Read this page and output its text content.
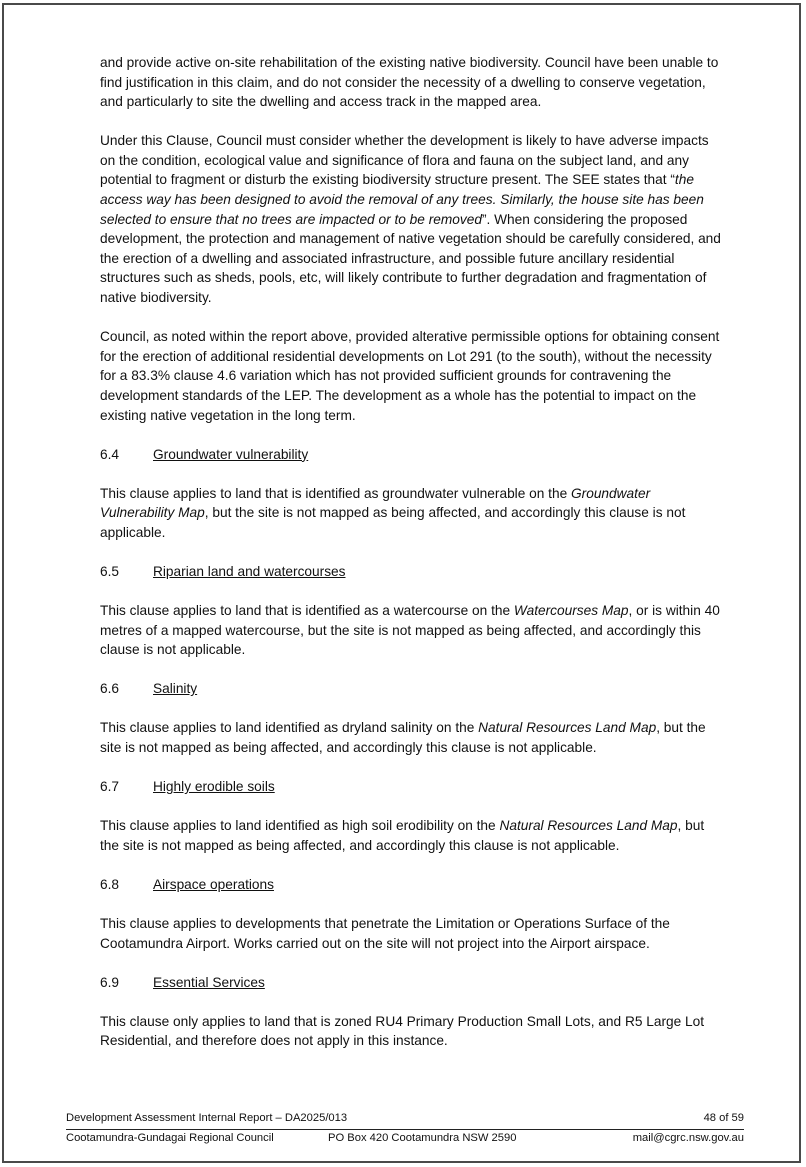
and provide active on-site rehabilitation of the existing native biodiversity. Council have been unable to find justification in this claim, and do not consider the necessity of a dwelling to conserve vegetation, and particularly to site the dwelling and access track in the mapped area.

Under this Clause, Council must consider whether the development is likely to have adverse impacts on the condition, ecological value and significance of flora and fauna on the subject land, and any potential to fragment or disturb the existing biodiversity structure present. The SEE states that “the access way has been designed to avoid the removal of any trees. Similarly, the house site has been selected to ensure that no trees are impacted or to be removed”. When considering the proposed development, the protection and management of native vegetation should be carefully considered, and the erection of a dwelling and associated infrastructure, and possible future ancillary residential structures such as sheds, pools, etc, will likely contribute to further degradation and fragmentation of native biodiversity.

Council, as noted within the report above, provided alterative permissible options for obtaining consent for the erection of additional residential developments on Lot 291 (to the south), without the necessity for a 83.3% clause 4.6 variation which has not provided sufficient grounds for contravening the development standards of the LEP. The development as a whole has the potential to impact on the existing native vegetation in the long term.

6.4	Groundwater vulnerability

This clause applies to land that is identified as groundwater vulnerable on the Groundwater Vulnerability Map, but the site is not mapped as being affected, and accordingly this clause is not applicable.

6.5	Riparian land and watercourses

This clause applies to land that is identified as a watercourse on the Watercourses Map, or is within 40 metres of a mapped watercourse, but the site is not mapped as being affected, and accordingly this clause is not applicable.

6.6	Salinity

This clause applies to land identified as dryland salinity on the Natural Resources Land Map, but the site is not mapped as being affected, and accordingly this clause is not applicable.

6.7	Highly erodible soils

This clause applies to land identified as high soil erodibility on the Natural Resources Land Map, but the site is not mapped as being affected, and accordingly this clause is not applicable.

6.8	Airspace operations

This clause applies to developments that penetrate the Limitation or Operations Surface of the Cootamundra Airport. Works carried out on the site will not project into the Airport airspace.

6.9	Essential Services

This clause only applies to land that is zoned RU4 Primary Production Small Lots, and R5 Large Lot Residential, and therefore does not apply in this instance.

Development Assessment Internal Report – DA2025/013	48 of 59
Cootamundra-Gundagai Regional Council	PO Box 420 Cootamundra NSW 2590	mail@cgrc.nsw.gov.au
